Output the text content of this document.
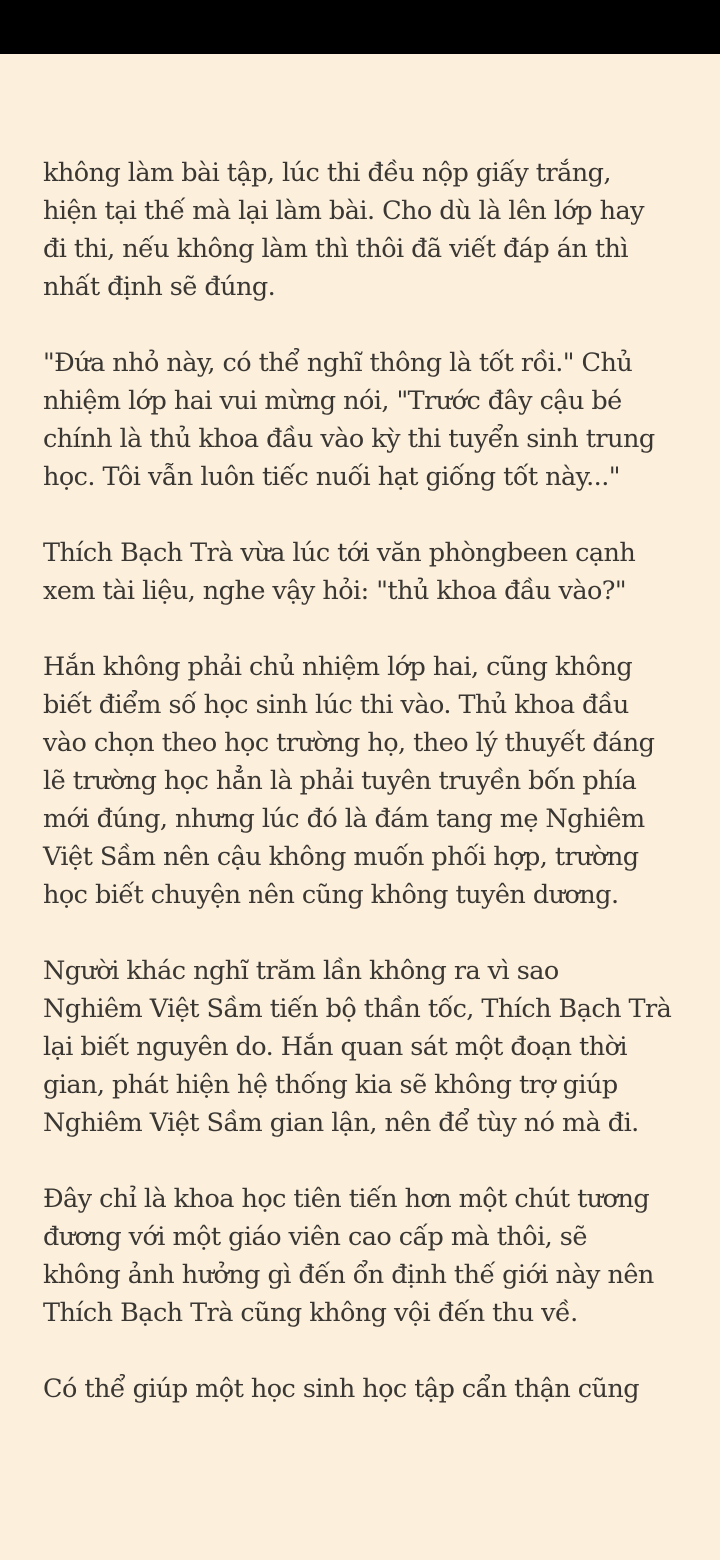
không làm bài tập, lúc thi đều nộp giấy trắng,
hiện tại thế mà lại làm bài. Cho dù là lên lớp hay
đi thi, nếu không làm thì thôi đã viết đáp án thì
nhất định sẽ đúng.

"Đứa nhỏ này, có thể nghĩ thông là tốt rồi." Chủ
nhiệm lớp hai vui mừng nói, "Trước đây cậu bé
chính là thủ khoa đầu vào kỳ thi tuyển sinh trung
học. Tôi vẫn luôn tiếc nuối hạt giống tốt này..."

Thích Bạch Trà vừa lúc tới văn phòngbeen cạnh
xem tài liệu, nghe vậy hỏi: "thủ khoa đầu vào?"

Hắn không phải chủ nhiệm lớp hai, cũng không
biết điểm số học sinh lúc thi vào. Thủ khoa đầu
vào chọn theo học trường họ, theo lý thuyết đáng
lẽ trường học hẳn là phải tuyên truyền bốn phía
mới đúng, nhưng lúc đó là đám tang mẹ Nghiêm
Việt Sầm nên cậu không muốn phối hợp, trường
học biết chuyện nên cũng không tuyên dương.

Người khác nghĩ trăm lần không ra vì sao
Nghiêm Việt Sầm tiến bộ thần tốc, Thích Bạch Trà
lại biết nguyên do. Hắn quan sát một đoạn thời
gian, phát hiện hệ thống kia sẽ không trợ giúp
Nghiêm Việt Sầm gian lận, nên để tùy nó mà đi.

Đây chỉ là khoa học tiên tiến hơn một chút tương
đương với một giáo viên cao cấp mà thôi, sẽ
không ảnh hưởng gì đến ổn định thế giới này nên
Thích Bạch Trà cũng không vội đến thu về.

Có thể giúp một học sinh học tập cẩn thận cũng
